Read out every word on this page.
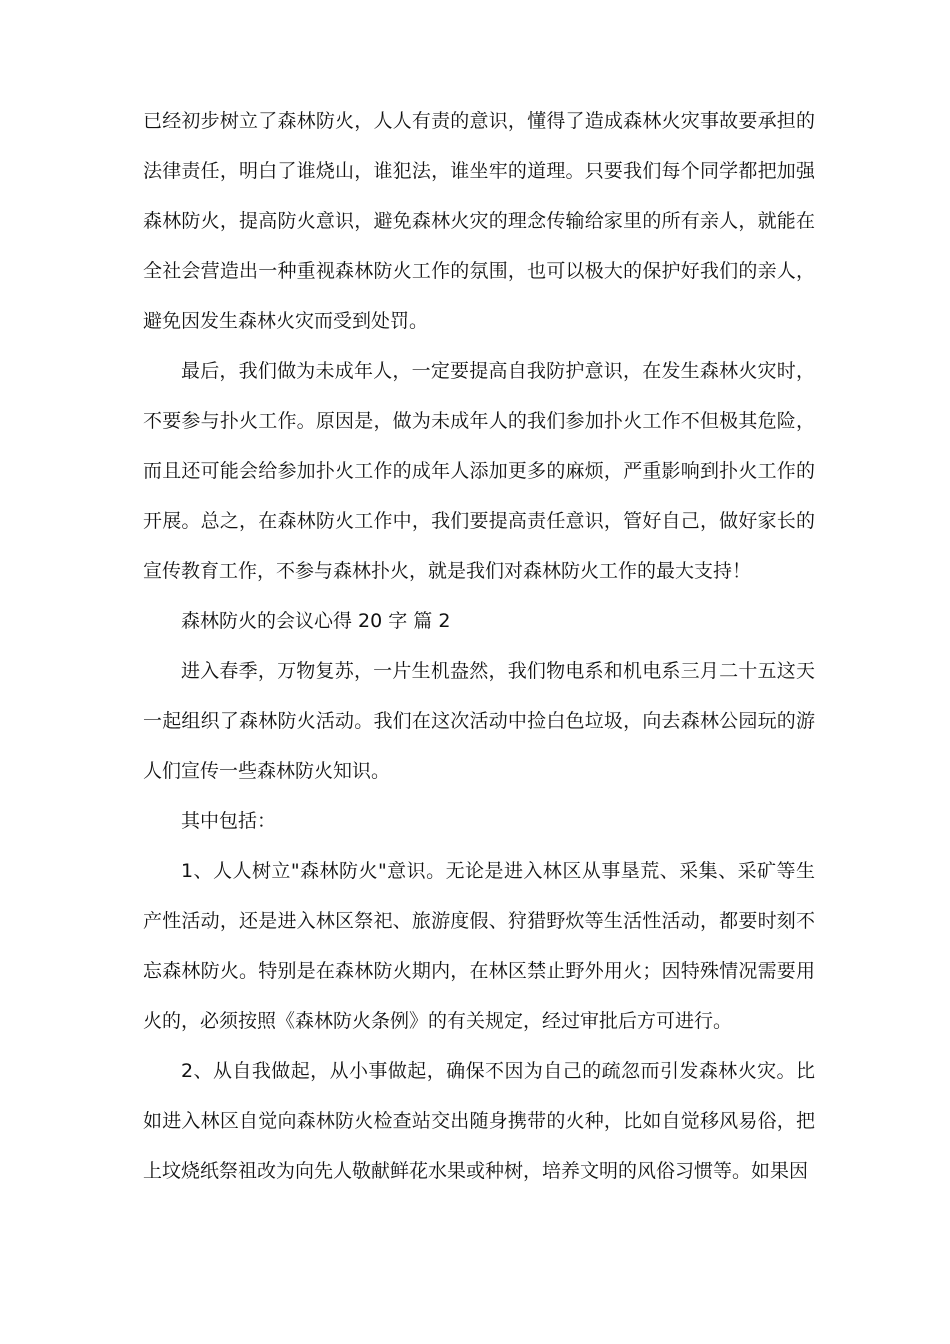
已经初步树立了森林防火，人人有责的意识，懂得了造成森林火灾事故要承担的法律责任，明白了谁烧山，谁犯法，谁坐牢的道理。只要我们每个同学都把加强森林防火，提高防火意识，避免森林火灾的理念传输给家里的所有亲人，就能在全社会营造出一种重视森林防火工作的氛围，也可以极大的保护好我们的亲人，避免因发生森林火灾而受到处罚。

最后，我们做为未成年人，一定要提高自我防护意识，在发生森林火灾时，不要参与扑火工作。原因是，做为未成年人的我们参加扑火工作不但极其危险，而且还可能会给参加扑火工作的成年人添加更多的麻烦，严重影响到扑火工作的开展。总之，在森林防火工作中，我们要提高责任意识，管好自己，做好家长的宣传教育工作，不参与森林扑火，就是我们对森林防火工作的最大支持！

森林防火的会议心得 20 字 篇 2

进入春季，万物复苏，一片生机盎然，我们物电系和机电系三月二十五这天一起组织了森林防火活动。我们在这次活动中捡白色垃圾，向去森林公园玩的游人们宣传一些森林防火知识。

其中包括：

1、人人树立"森林防火"意识。无论是进入林区从事垦荒、采集、采矿等生产性活动，还是进入林区祭祀、旅游度假、狩猎野炊等生活性活动，都要时刻不忘森林防火。特别是在森林防火期内，在林区禁止野外用火；因特殊情况需要用火的，必须按照《森林防火条例》的有关规定，经过审批后方可进行。

2、从自我做起，从小事做起，确保不因为自己的疏忽而引发森林火灾。比如进入林区自觉向森林防火检查站交出随身携带的火种，比如自觉移风易俗，把上坟烧纸祭祖改为向先人敬献鲜花水果或种树，培养文明的风俗习惯等。如果因
